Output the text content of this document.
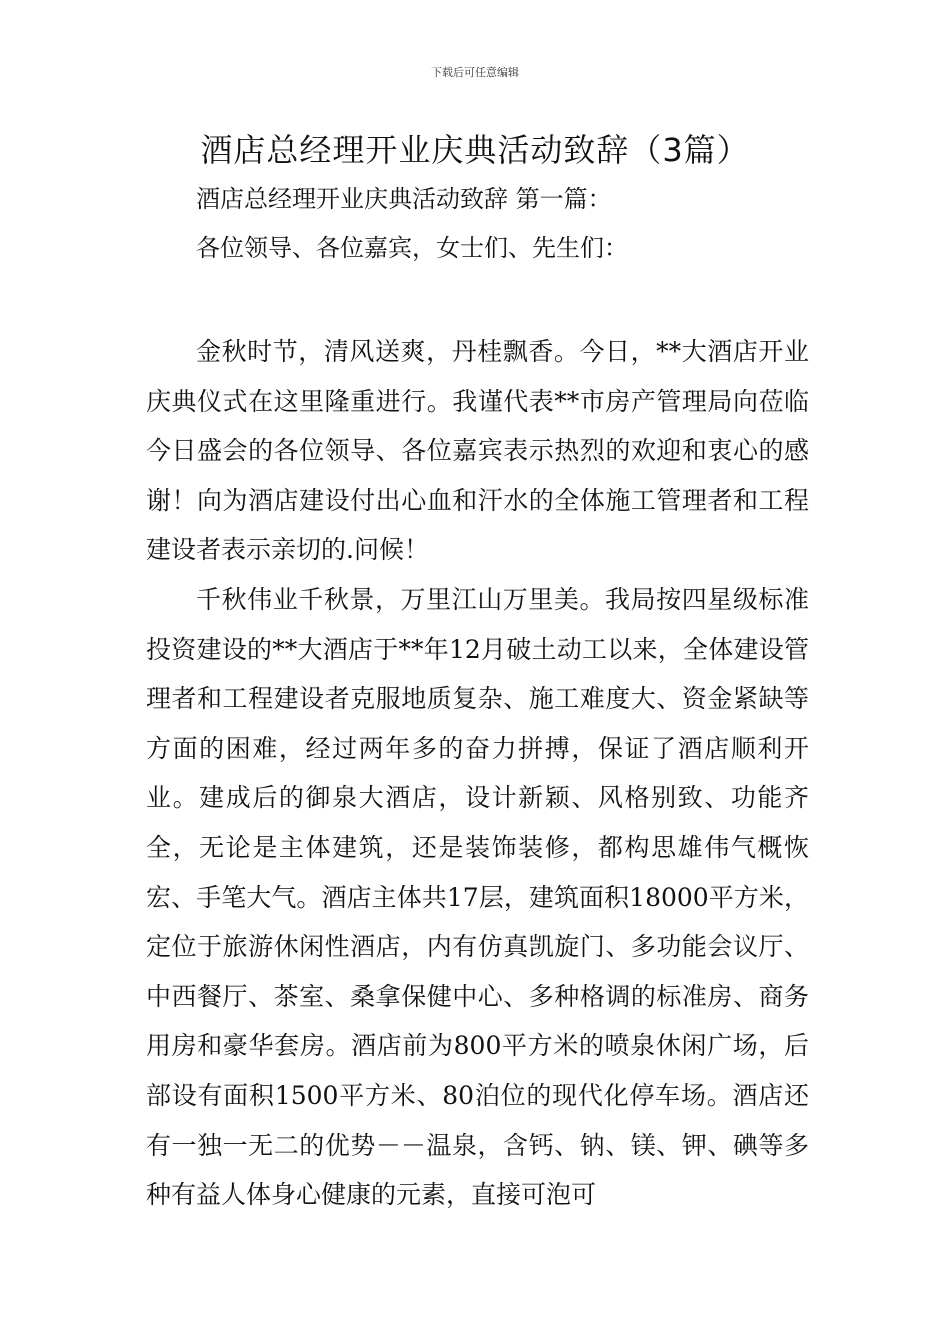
下载后可任意编辑
酒店总经理开业庆典活动致辞（3篇）
酒店总经理开业庆典活动致辞 第一篇：
各位领导、各位嘉宾，女士们、先生们：

金秋时节，清风送爽，丹桂飘香。今日，**大酒店开业庆典仪式在这里隆重进行。我谨代表**市房产管理局向莅临今日盛会的各位领导、各位嘉宾表示热烈的欢迎和衷心的感谢！向为酒店建设付出心血和汗水的全体施工管理者和工程建设者表示亲切的.问候！

千秋伟业千秋景，万里江山万里美。我局按四星级标准投资建设的**大酒店于**年12月破土动工以来，全体建设管理者和工程建设者克服地质复杂、施工难度大、资金紧缺等方面的困难，经过两年多的奋力拼搏，保证了酒店顺利开业。建成后的御泉大酒店，设计新颖、风格别致、功能齐全，无论是主体建筑，还是装饰装修，都构思雄伟气概恢宏、手笔大气。酒店主体共17层，建筑面积18000平方米，定位于旅游休闲性酒店，内有仿真凯旋门、多功能会议厅、中西餐厅、茶室、桑拿保健中心、多种格调的标准房、商务用房和豪华套房。酒店前为800平方米的喷泉休闲广场，后部设有面积1500平方米、80泊位的现代化停车场。酒店还有一独一无二的优势－－温泉，含钙、钠、镁、钾、碘等多种有益人体身心健康的元素，直接可泡可
